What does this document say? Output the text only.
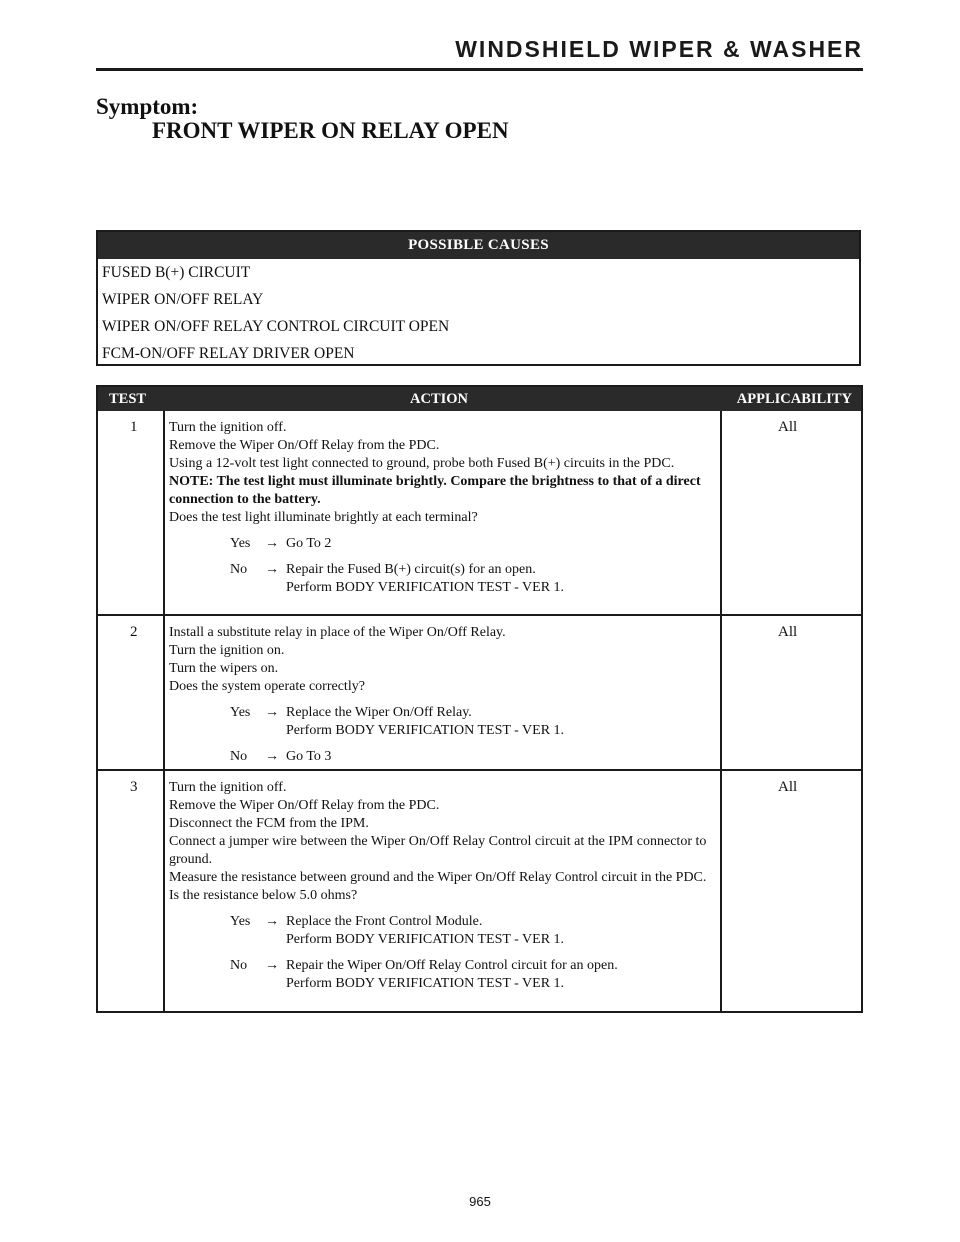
WINDSHIELD WIPER & WASHER
Symptom:
FRONT WIPER ON RELAY OPEN
POSSIBLE CAUSES
FUSED B(+) CIRCUIT
WIPER ON/OFF RELAY
WIPER ON/OFF RELAY CONTROL CIRCUIT OPEN
FCM-ON/OFF RELAY DRIVER OPEN
TEST	ACTION	APPLICABILITY
1 Turn the ignition off.
Remove the Wiper On/Off Relay from the PDC.
Using a 12-volt test light connected to ground, probe both Fused B(+) circuits in the PDC.
NOTE: The test light must illuminate brightly. Compare the brightness to that of a direct connection to the battery.
Does the test light illuminate brightly at each terminal?
Yes → Go To 2
No → Repair the Fused B(+) circuit(s) for an open.
Perform BODY VERIFICATION TEST - VER 1.
All
2 Install a substitute relay in place of the Wiper On/Off Relay.
Turn the ignition on.
Turn the wipers on.
Does the system operate correctly?
Yes → Replace the Wiper On/Off Relay.
Perform BODY VERIFICATION TEST - VER 1.
No → Go To 3
All
3 Turn the ignition off.
Remove the Wiper On/Off Relay from the PDC.
Disconnect the FCM from the IPM.
Connect a jumper wire between the Wiper On/Off Relay Control circuit at the IPM connector to ground.
Measure the resistance between ground and the Wiper On/Off Relay Control circuit in the PDC.
Is the resistance below 5.0 ohms?
Yes → Replace the Front Control Module.
Perform BODY VERIFICATION TEST - VER 1.
No → Repair the Wiper On/Off Relay Control circuit for an open.
Perform BODY VERIFICATION TEST - VER 1.
All
965
